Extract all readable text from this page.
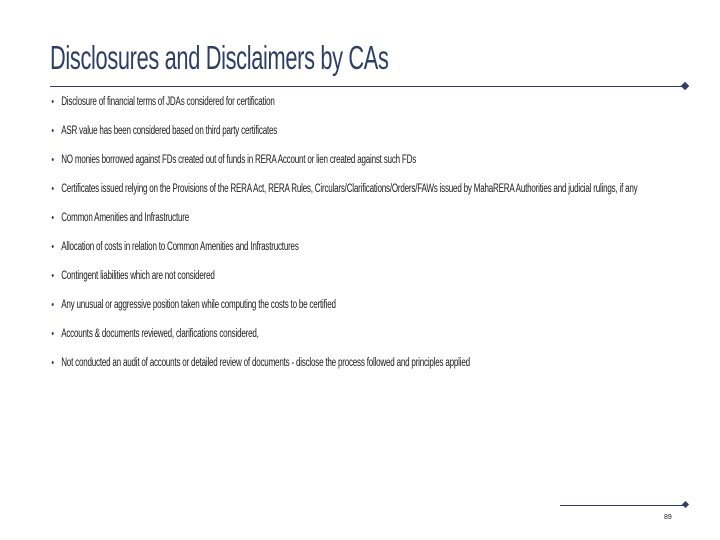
Disclosures and Disclaimers by CAs
• Disclosure of financial terms of JDAs considered for certification
• ASR value has been considered based on third party certificates
• NO monies borrowed against FDs created out of funds in RERA Account or lien created against such FDs
• Certificates issued relying on the Provisions of the RERA Act, RERA Rules, Circulars/Clarifications/Orders/FAWs issued by MahaRERA Authorities and judicial rulings, if any
• Common Amenities and Infrastructure
• Allocation of costs in relation to Common Amenities and Infrastructures
• Contingent liabilities which are not considered
• Any unusual or aggressive position taken while computing the costs to be certified
• Accounts & documents reviewed, clarifications considered,
• Not conducted an audit of accounts or detailed review of documents - disclose the process followed and principles applied
89
